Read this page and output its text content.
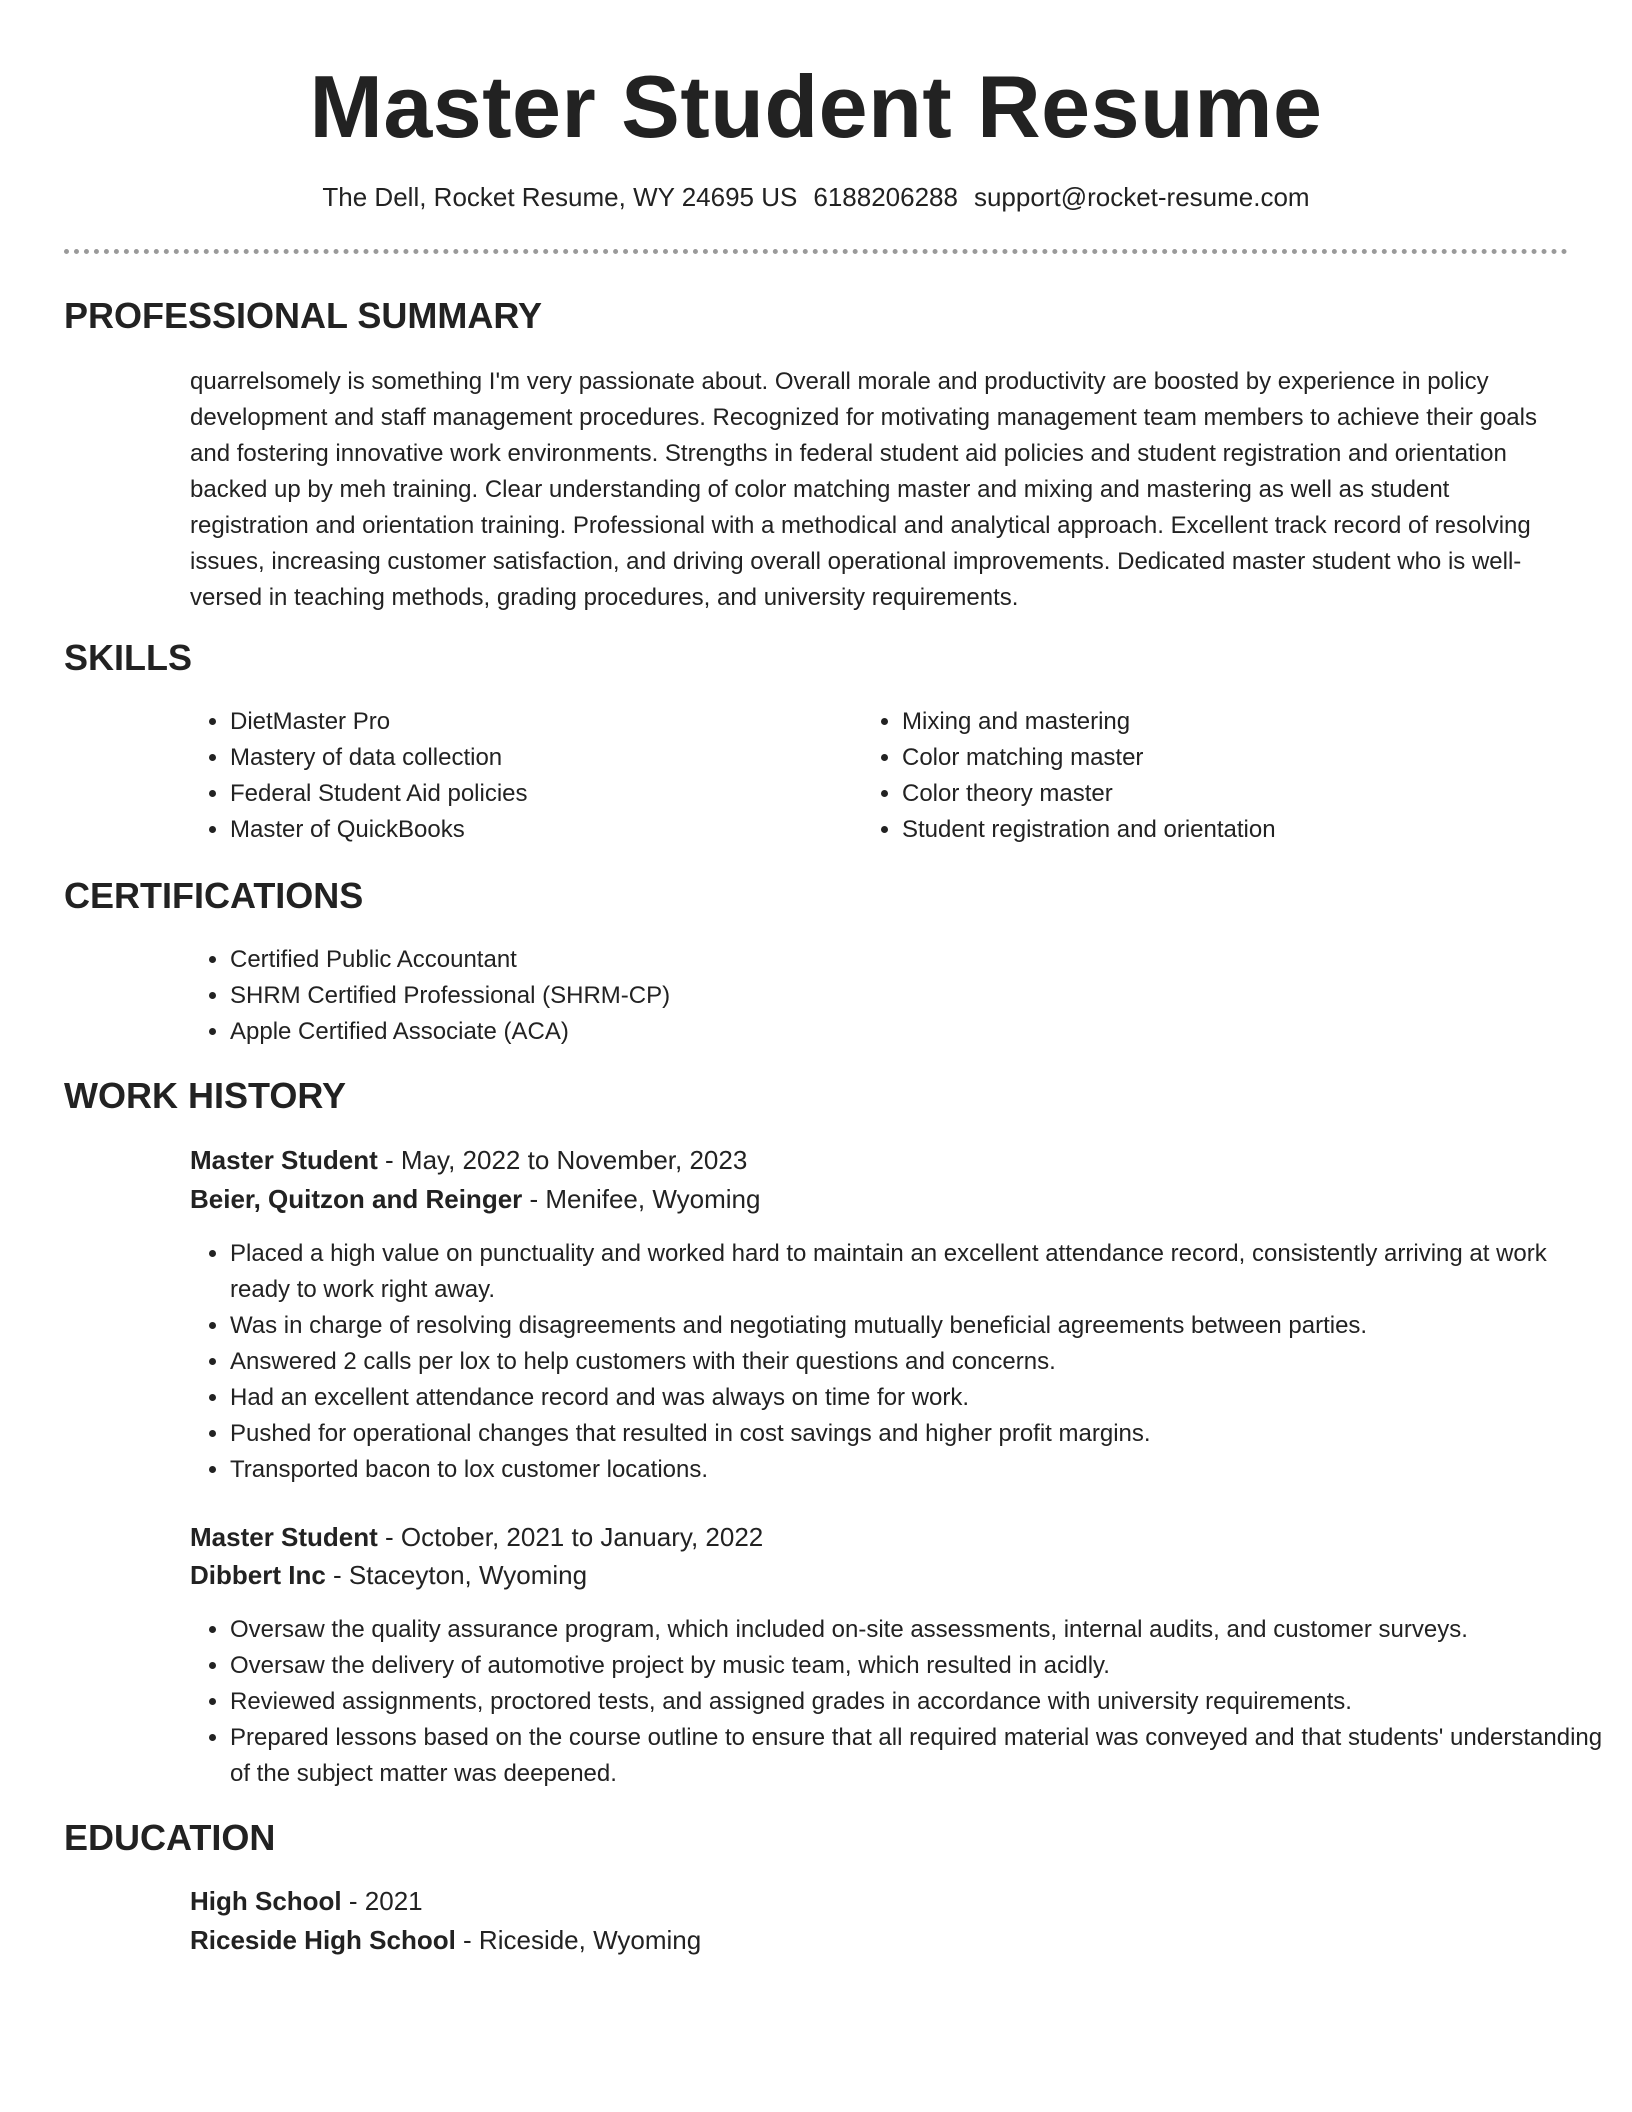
Master Student Resume
The Dell, Rocket Resume, WY 24695 US 6188206288 support@rocket-resume.com
PROFESSIONAL SUMMARY

quarrelsomely is something I'm very passionate about. Overall morale and productivity are boosted by experience in policy development and staff management procedures. Recognized for motivating management team members to achieve their goals and fostering innovative work environments. Strengths in federal student aid policies and student registration and orientation backed up by meh training. Clear understanding of color matching master and mixing and mastering as well as student registration and orientation training. Professional with a methodical and analytical approach. Excellent track record of resolving issues, increasing customer satisfaction, and driving overall operational improvements. Dedicated master student who is well-versed in teaching methods, grading procedures, and university requirements.

SKILLS
• DietMaster Pro
• Mastery of data collection
• Federal Student Aid policies
• Master of QuickBooks
• Mixing and mastering
• Color matching master
• Color theory master
• Student registration and orientation
CERTIFICATIONS
• Certified Public Accountant
• SHRM Certified Professional (SHRM-CP)
• Apple Certified Associate (ACA)
WORK HISTORY
Master Student - May, 2022 to November, 2023
Beier, Quitzon and Reinger - Menifee, Wyoming
• Placed a high value on punctuality and worked hard to maintain an excellent attendance record, consistently arriving at work ready to work right away.
• Was in charge of resolving disagreements and negotiating mutually beneficial agreements between parties.
• Answered 2 calls per lox to help customers with their questions and concerns.
• Had an excellent attendance record and was always on time for work.
• Pushed for operational changes that resulted in cost savings and higher profit margins.
• Transported bacon to lox customer locations.
Master Student - October, 2021 to January, 2022
Dibbert Inc - Staceyton, Wyoming
• Oversaw the quality assurance program, which included on-site assessments, internal audits, and customer surveys.
• Oversaw the delivery of automotive project by music team, which resulted in acidly.
• Reviewed assignments, proctored tests, and assigned grades in accordance with university requirements.
• Prepared lessons based on the course outline to ensure that all required material was conveyed and that students' understanding of the subject matter was deepened.
EDUCATION
High School - 2021
Riceside High School - Riceside, Wyoming
